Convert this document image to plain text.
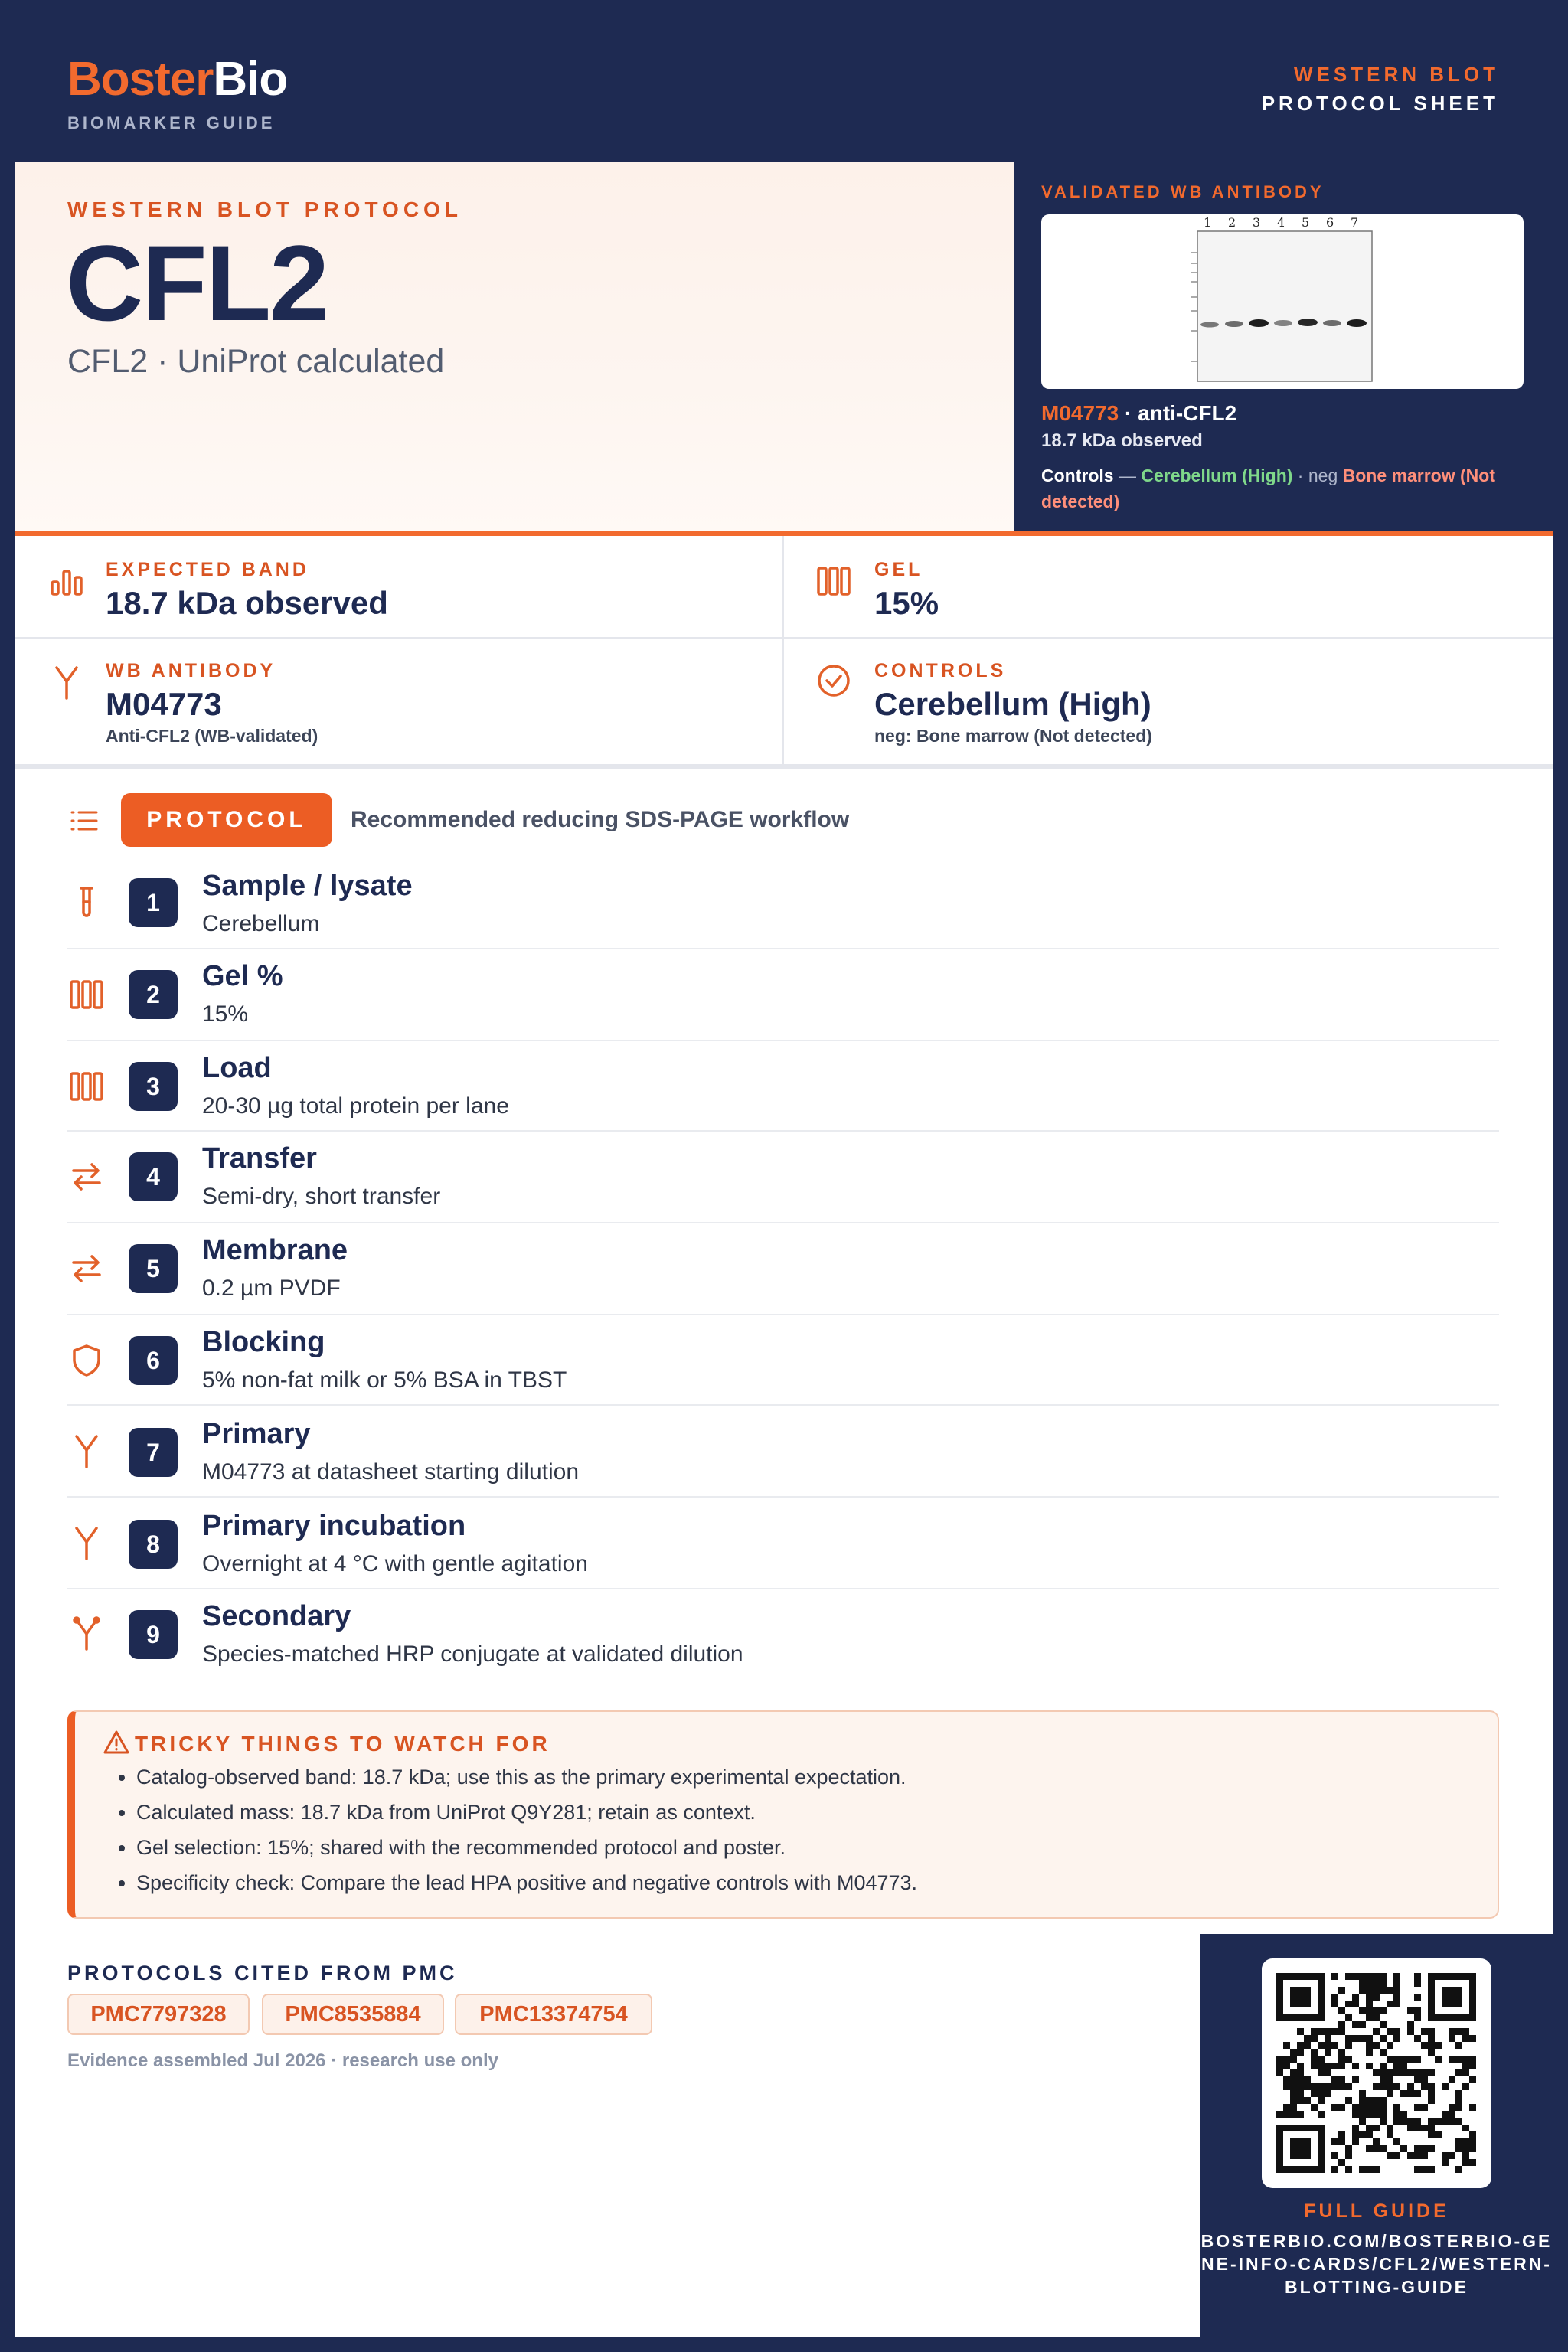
BosterBio
BIOMARKER GUIDE
WESTERN BLOT
PROTOCOL SHEET
WESTERN BLOT PROTOCOL
CFL2
CFL2 · UniProt calculated
VALIDATED WB ANTIBODY
1 2 3 4 5 6 7
M04773 · anti-CFL2
18.7 kDa observed
Controls — Cerebellum (High) · neg Bone marrow (Not detected)
EXPECTED BAND
18.7 kDa observed
GEL
15%
WB ANTIBODY
M04773
Anti-CFL2 (WB-validated)
CONTROLS
Cerebellum (High)
neg: Bone marrow (Not detected)
PROTOCOL	Recommended reducing SDS-PAGE workflow
1
Sample / lysate
Cerebellum
2
Gel %
15%
3
Load
20-30 µg total protein per lane
4
Transfer
Semi-dry, short transfer
5
Membrane
0.2 µm PVDF
6
Blocking
5% non-fat milk or 5% BSA in TBST
7
Primary
M04773 at datasheet starting dilution
8
Primary incubation
Overnight at 4 °C with gentle agitation
9
Secondary
Species-matched HRP conjugate at validated dilution
• Catalog-observed band: 18.7 kDa; use this as the primary experimental expectation.
• Calculated mass: 18.7 kDa from UniProt Q9Y281; retain as context.
• Gel selection: 15%; shared with the recommended protocol and poster.
• Specificity check: Compare the lead HPA positive and negative controls with M04773.
TRICKY THINGS TO WATCH FOR
PROTOCOLS CITED FROM PMC
PMC7797328	PMC8535884	PMC13374754
Evidence assembled Jul 2026 · research use only
FULL GUIDE
BOSTERBIO.COM/BOSTERBIO-GENE-INFO-CARDS/CFL2/WESTERN-BLOTTING-GUIDE
